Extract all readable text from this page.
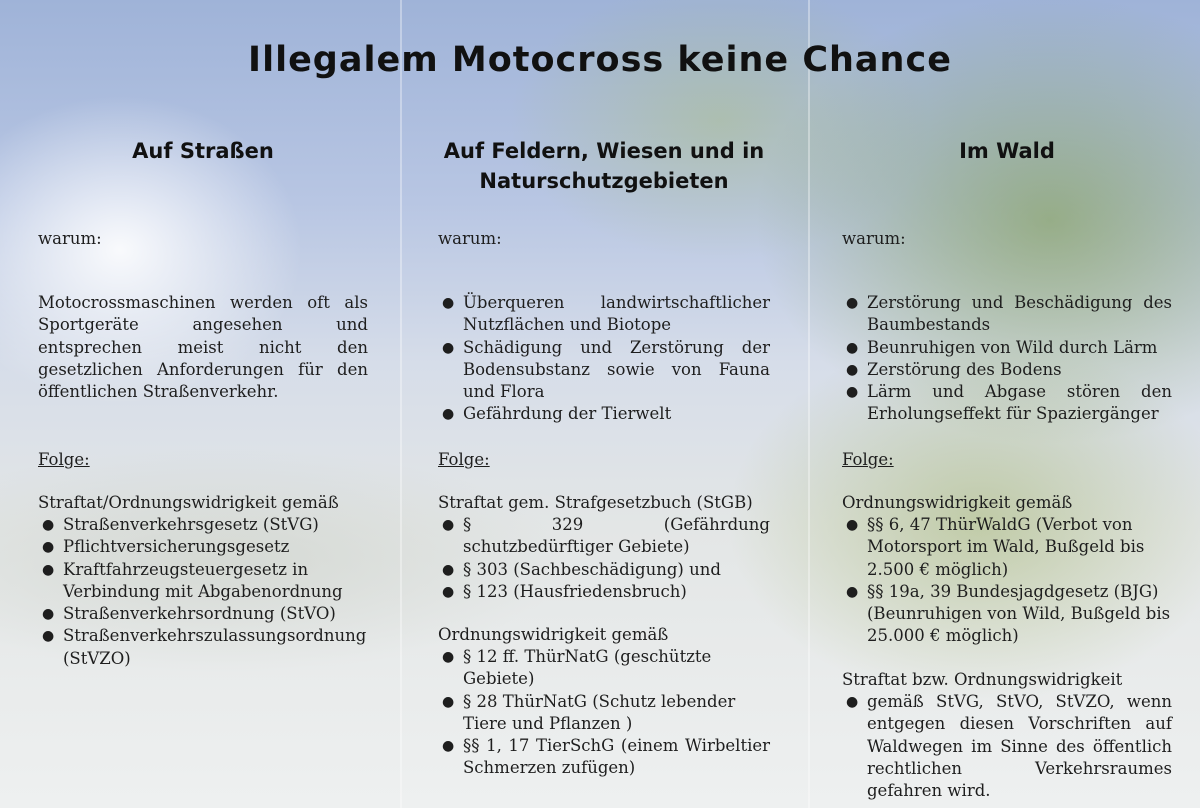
Illegalem Motocross keine Chance
Auf Straßen
warum:
Motocrossmaschinen werden oft als Sportgeräte angesehen und entsprechen meist nicht den gesetzlichen Anforderungen für den öffentlichen Straßenverkehr.
Folge:
Straftat/Ordnungswidrigkeit gemäß
● Straßenverkehrsgesetz (StVG)
● Pflichtversicherungsgesetz
● Kraftfahrzeugsteuergesetz in Verbindung mit Abgabenordnung
● Straßenverkehrsordnung (StVO)
● Straßenverkehrszulassungsordnung (StVZO)
Auf Feldern, Wiesen und in Naturschutzgebieten
warum:
● Überqueren landwirtschaftlicher Nutzflächen und Biotope
● Schädigung und Zerstörung der Bodensubstanz sowie von Fauna und Flora
● Gefährdung der Tierwelt
Folge:
Straftat gem. Strafgesetzbuch (StGB)
● § 329 (Gefährdung schutzbedürftiger Gebiete)
● § 303 (Sachbeschädigung) und
● § 123 (Hausfriedensbruch)
Ordnungswidrigkeit gemäß
● § 12 ff. ThürNatG (geschützte Gebiete)
● § 28 ThürNatG (Schutz lebender Tiere und Pflanzen )
● §§ 1, 17 TierSchG (einem Wirbeltier Schmerzen zufügen)
Im Wald
warum:
● Zerstörung und Beschädigung des Baumbestands
● Beunruhigen von Wild durch Lärm
● Zerstörung des Bodens
● Lärm und Abgase stören den Erholungseffekt für Spaziergänger
Folge:
Ordnungswidrigkeit gemäß
● §§ 6, 47 ThürWaldG (Verbot von Motorsport im Wald, Bußgeld bis 2.500 € möglich)
● §§ 19a, 39 Bundesjagdgesetz (BJG) (Beunruhigen von Wild, Bußgeld bis 25.000 € möglich)
Straftat bzw. Ordnungswidrigkeit
● gemäß StVG, StVO, StVZO, wenn entgegen diesen Vorschriften auf Waldwegen im Sinne des öffentlich rechtlichen Verkehrsraumes gefahren wird.
